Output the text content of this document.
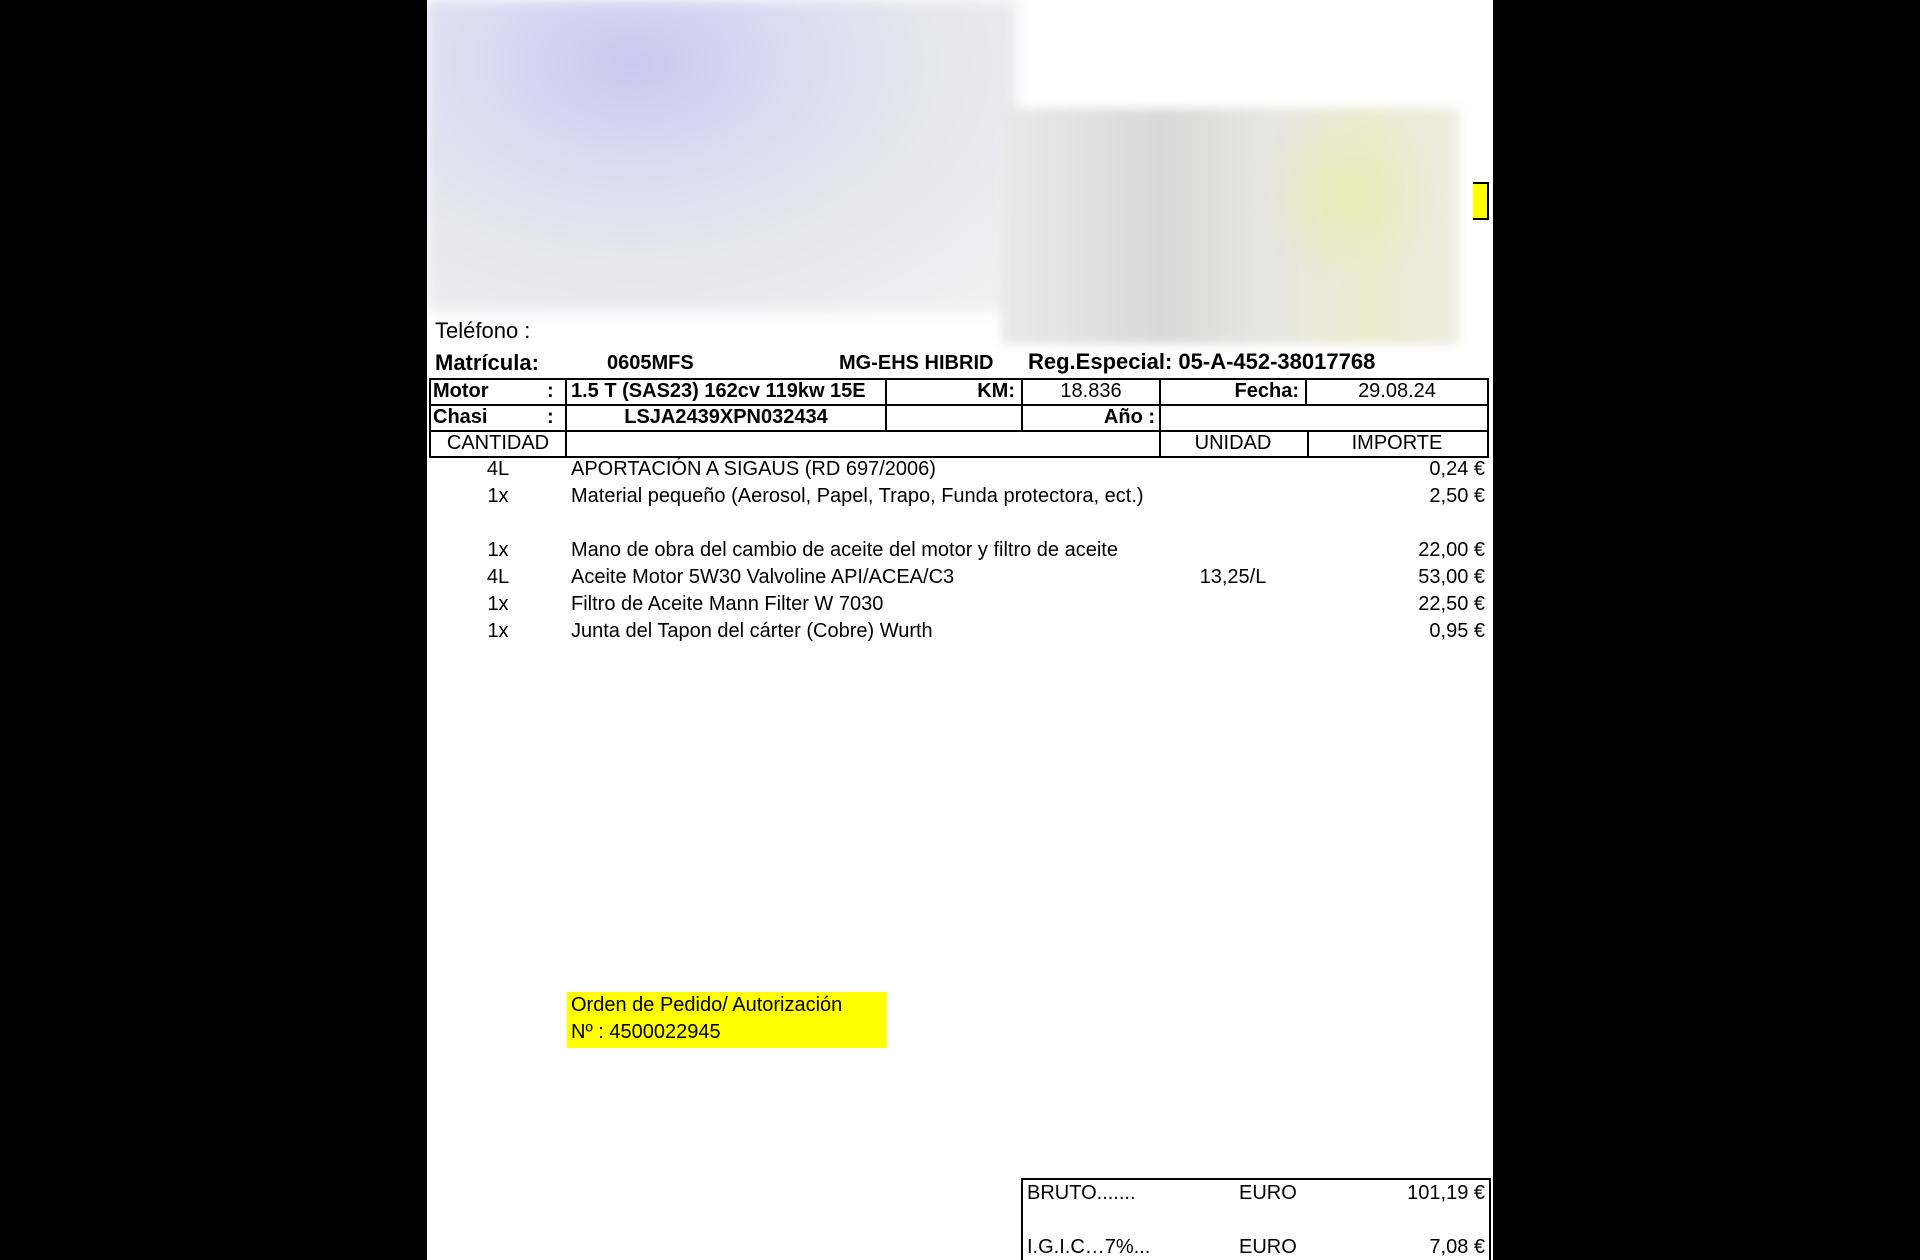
Teléfono :
Matrícula:	0605MFS	MG-EHS HIBRID Reg.Especial: 05-A-452-38017768
Motor	: 1.5 T (SAS23) 162cv 119kw 15E	KM:	18.836	Fecha:	29.08.24
Chasi	:	LSJA2439XPN032434	Año :
CANTIDAD	UNIDAD	IMPORTE
4L	APORTACIÓN A SIGAUS (RD 697/2006)	0,24 €
1x	Material pequeño (Aerosol, Papel, Trapo, Funda protectora, ect.)	2,50 €
1x	Mano de obra del cambio de aceite del motor y filtro de aceite	22,00 €
4L	Aceite Motor 5W30 Valvoline API/ACEA/C3	13,25/L	53,00 €
1x	Filtro de Aceite Mann Filter W 7030	22,50 €
1x	Junta del Tapon del cárter (Cobre) Wurth	0,95 €
Orden de Pedido/ Autorización
Nº : 4500022945
BRUTO.......	EURO	101,19 €
I.G.I.C…7%...	EURO	7,08 €
